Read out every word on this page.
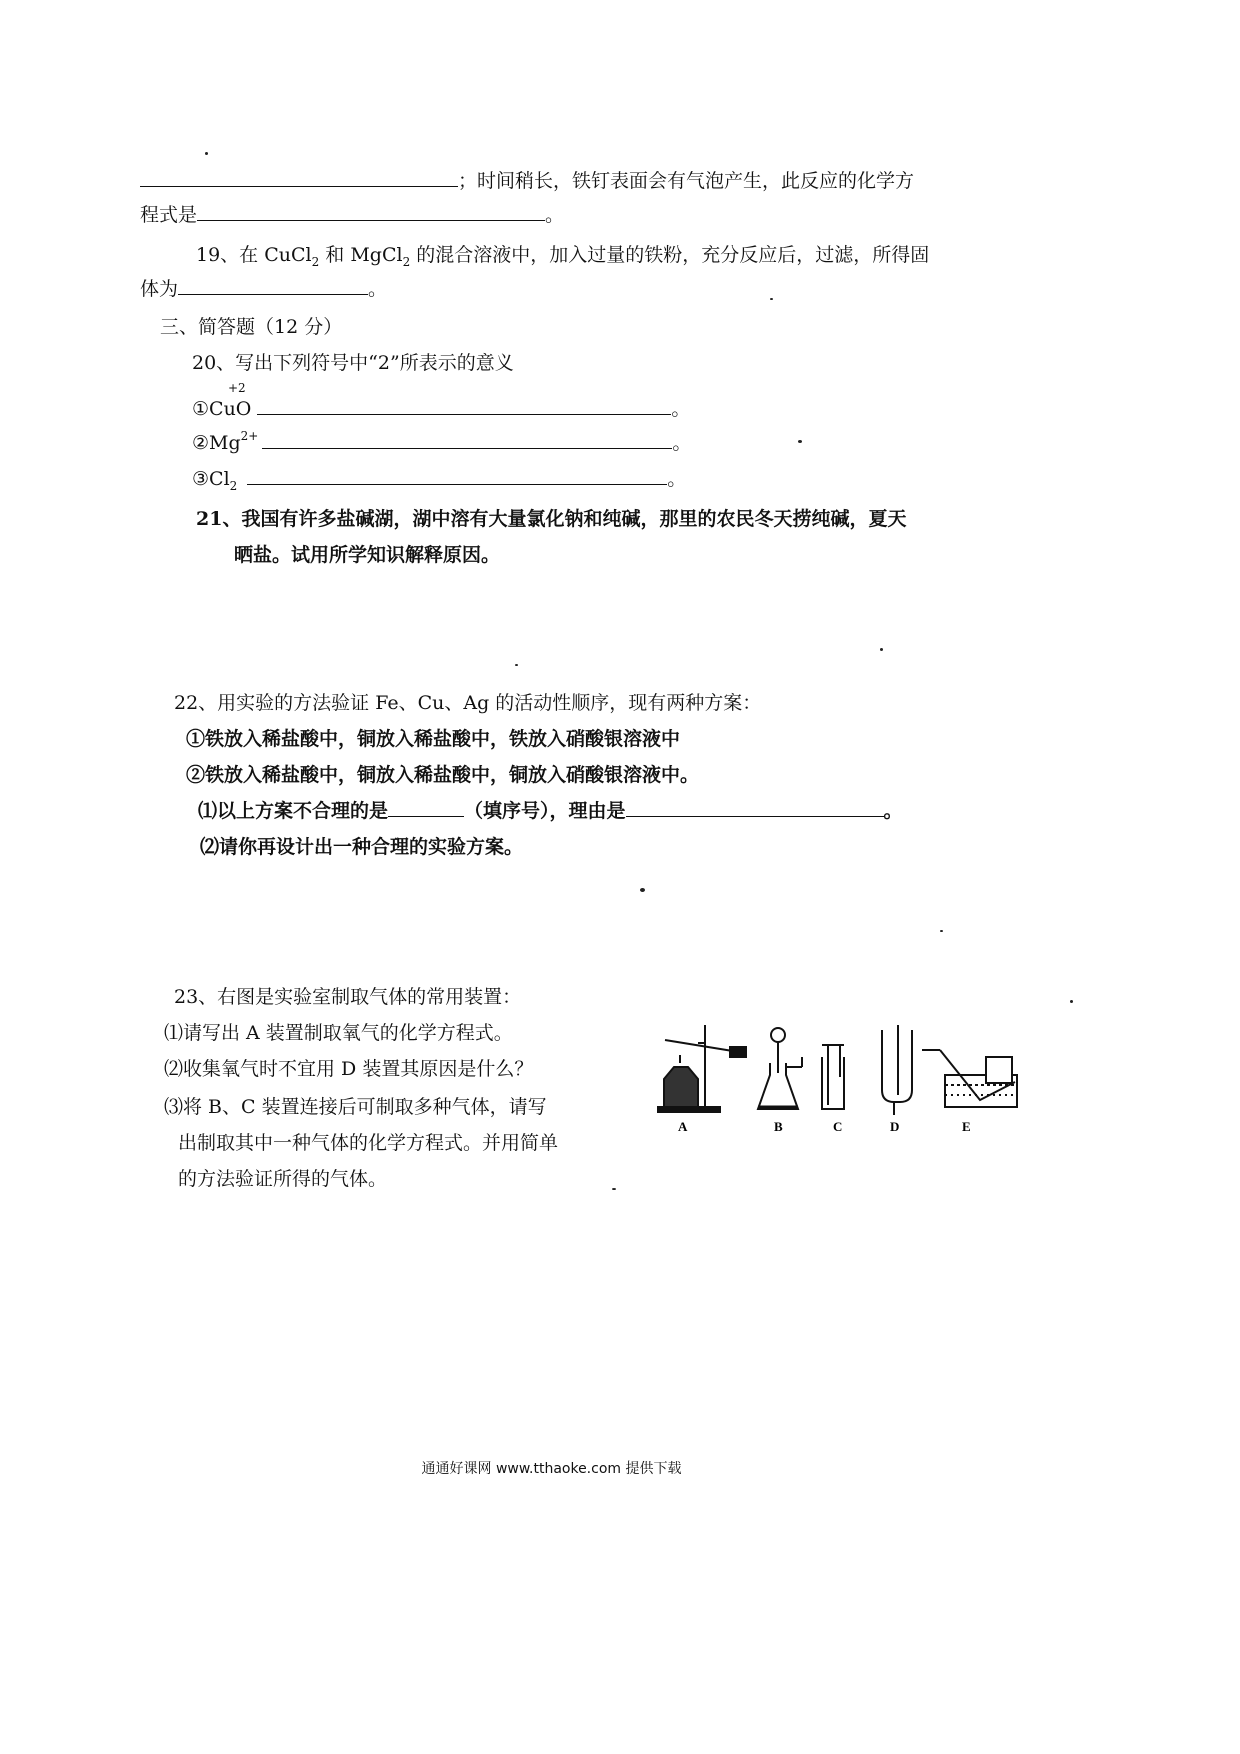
；时间稍长，铁钉表面会有气泡产生，此反应的化学方
程式是	。
19、在 CuCl$_2$ 和 MgCl$_2$ 的混合溶液中，加入过量的铁粉，充分反应后，过滤，所得固
体为	。
三、简答题（12 分）
20、写出下列符号中“2”所表示的意义
+2
①CuO	。
$②Mg^{2+}$	。
$③Cl_2$	。
21、我国有许多盐碱湖，湖中溶有大量氯化钠和纯碱，那里的农民冬天捞纯碱，夏天
晒盐。试用所学知识解释原因。
22、用实验的方法验证 Fe、Cu、Ag 的活动性顺序，现有两种方案：
①铁放入稀盐酸中，铜放入稀盐酸中，铁放入硝酸银溶液中
②铁放入稀盐酸中，铜放入稀盐酸中，铜放入硝酸银溶液中。
⑴以上方案不合理的是	（填序号），理由是	。
⑵请你再设计出一种合理的实验方案。
23、右图是实验室制取气体的常用装置：
⑴请写出 A 装置制取氧气的化学方程式。
⑵收集氧气时不宜用 D 装置其原因是什么？
⑶将 B、C 装置连接后可制取多种气体，请写
出制取其中一种气体的化学方程式。并用简单
的方法验证所得的气体。
A	B	C	D	E
通通好课网 www.tthaoke.com 提供下载
